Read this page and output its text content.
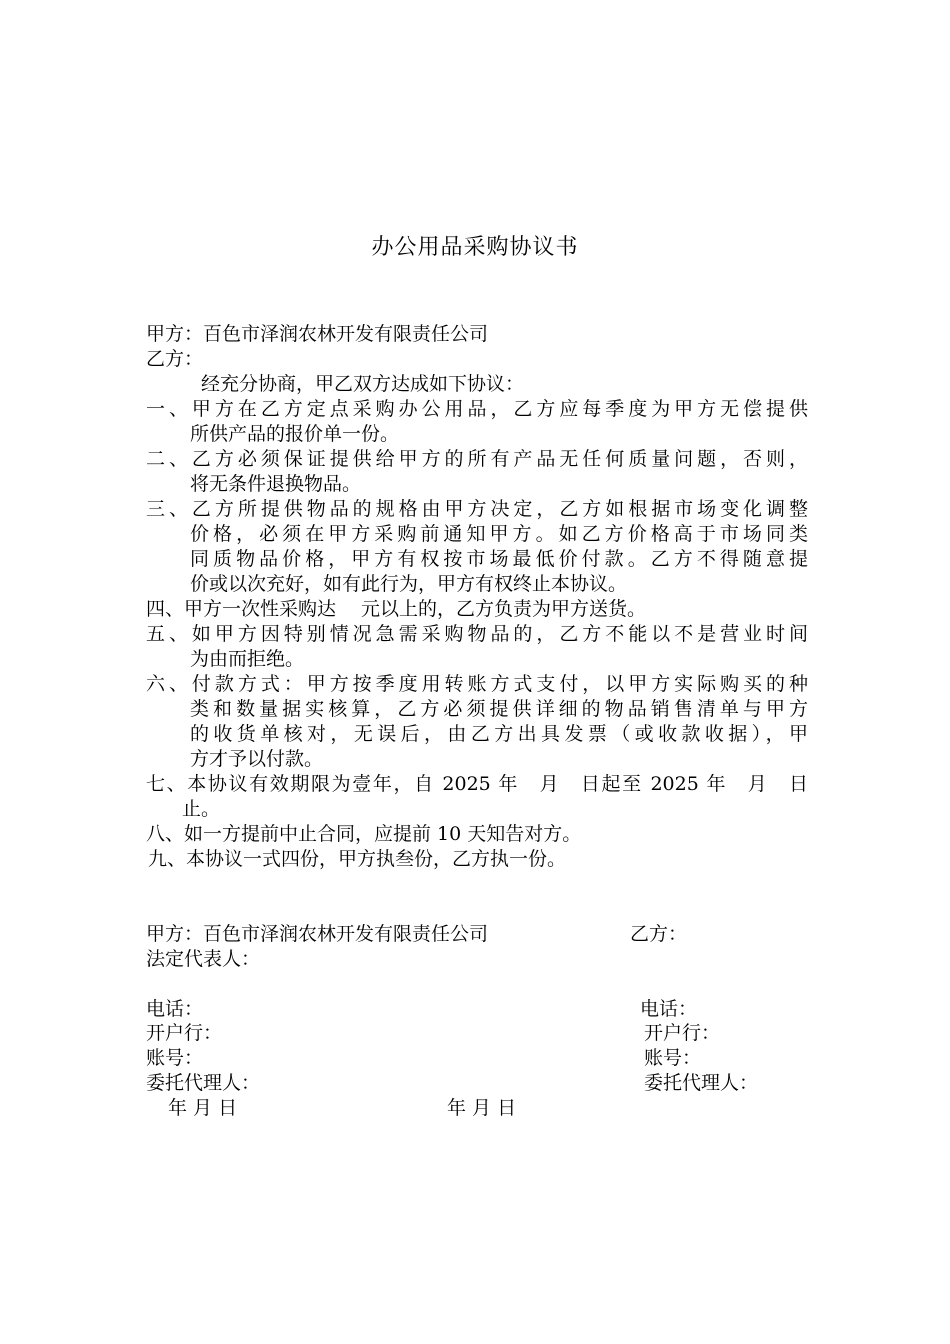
办公用品采购协议书
甲方：百色市泽润农林开发有限责任公司
乙方：
经充分协商，甲乙双方达成如下协议：
一、甲方在乙方定点采购办公用品，乙方应每季度为甲方无偿提供
所供产品的报价单一份。
二、乙方必须保证提供给甲方的所有产品无任何质量问题，否则，
将无条件退换物品。
三、乙方所提供物品的规格由甲方决定，乙方如根据市场变化调整
价格，必须在甲方采购前通知甲方。如乙方价格高于市场同类
同质物品价格，甲方有权按市场最低价付款。乙方不得随意提
价或以次充好，如有此行为，甲方有权终止本协议。
四、甲方一次性采购达　 元以上的，乙方负责为甲方送货。
五、如甲方因特别情况急需采购物品的，乙方不能以不是营业时间
为由而拒绝。
六、付款方式：甲方按季度用转账方式支付，以甲方实际购买的种
类和数量据实核算，乙方必须提供详细的物品销售清单与甲方
的收货单核对，无误后，由乙方出具发票（或收款收据），甲
方才予以付款。
七、本协议有效期限为壹年，自 2025 年　月　日起至 2025 年　月　日
止。
八、如一方提前中止合同，应提前 10 天知告对方。
九、本协议一式四份，甲方执叁份，乙方执一份。
甲方：百色市泽润农林开发有限责任公司
法定代表人：
电话：
开户行：
账号：
委托代理人：
年 月 日
乙方：
电话：
开户行：
账号：
委托代理人：
年 月 日
